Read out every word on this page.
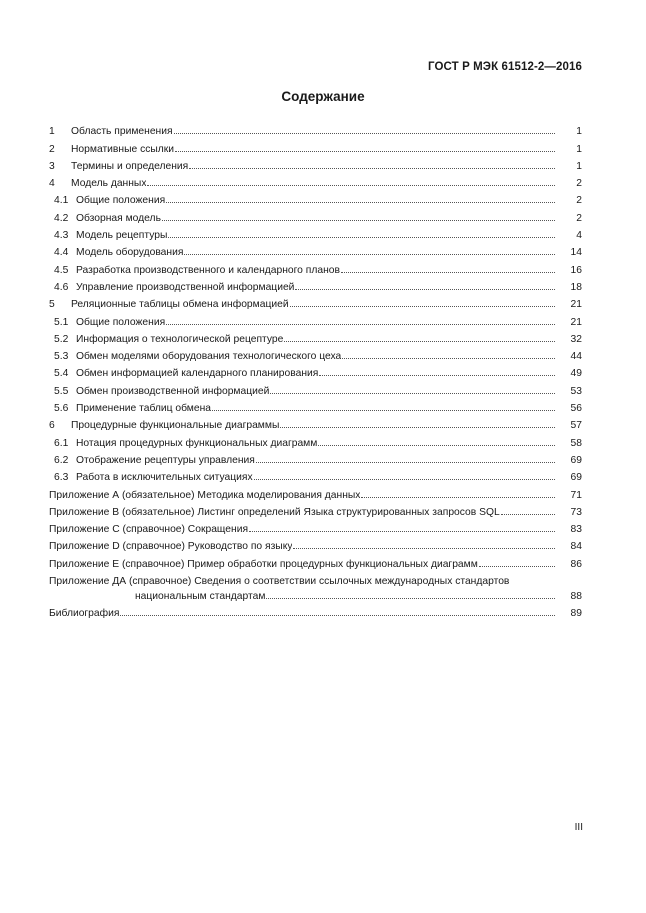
ГОСТ Р МЭК 61512-2—2016
Содержание
1 Область применения	1
2 Нормативные ссылки	1
3 Термины и определения	1
4 Модель данных	2
4.1 Общие положения	2
4.2 Обзорная модель	2
4.3 Модель рецептуры	4
4.4 Модель оборудования	14
4.5 Разработка производственного и календарного планов	16
4.6 Управление производственной информацией	18
5 Реляционные таблицы обмена информацией	21
5.1 Общие положения	21
5.2 Информация о технологической рецептуре	32
5.3 Обмен моделями оборудования технологического цеха	44
5.4 Обмен информацией календарного планирования	49
5.5 Обмен производственной информацией	53
5.6 Применение таблиц обмена	56
6 Процедурные функциональные диаграммы	57
6.1 Нотация процедурных функциональных диаграмм	58
6.2 Отображение рецептуры управления	69
6.3 Работа в исключительных ситуациях	69
Приложение А (обязательное) Методика моделирования данных	71
Приложение В (обязательное) Листинг определений Языка структурированных запросов SQL	73
Приложение С (справочное) Сокращения	83
Приложение D (справочное) Руководство по языку	84
Приложение Е (справочное) Пример обработки процедурных функциональных диаграмм	86
Приложение ДА (справочное) Сведения о соответствии ссылочных международных стандартов
национальным стандартам	88
Библиография	89
III
